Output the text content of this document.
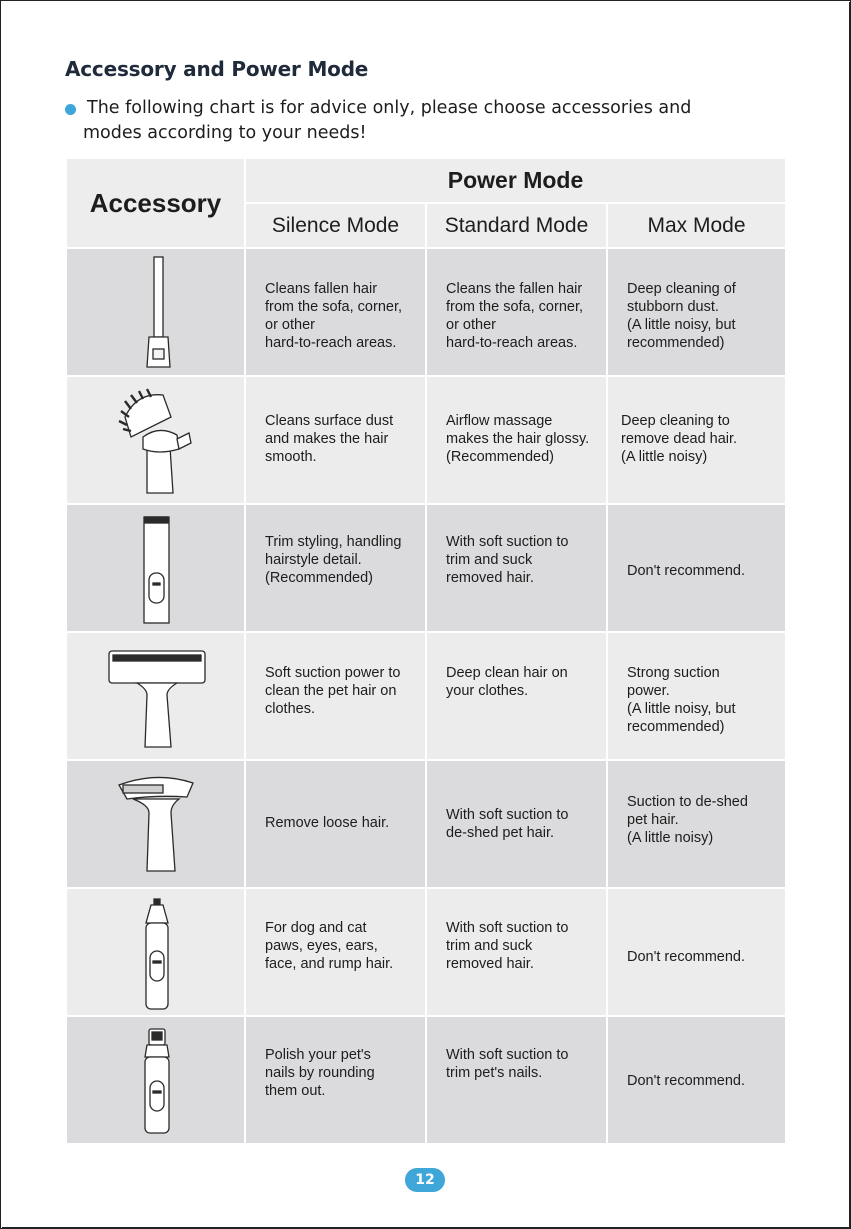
Accessory and Power Mode
The following chart is for advice only, please choose accessories and
modes according to your needs!
Accessory	Power Mode		
	Silence Mode	Standard Mode	Max Mode

Cleans fallen hair
from the sofa, corner,
or other
hard-to-reach areas.	Cleans the fallen hair
from the sofa, corner,
or other
hard-to-reach areas.	Deep cleaning of
stubborn dust.
(A little noisy, but
recommended)

Cleans surface dust
and makes the hair
smooth.	Airflow massage
makes the hair glossy.
(Recommended)	Deep cleaning to
remove dead hair.
(A little noisy)

Trim styling, handling
hairstyle detail.
(Recommended)	With soft suction to
trim and suck
removed hair.	Don't recommend.

Soft suction power to
clean the pet hair on
clothes.	Deep clean hair on
your clothes.	Strong suction
power.
(A little noisy, but
recommended)

Remove loose hair.	With soft suction to
de-shed pet hair.	Suction to de-shed
pet hair.
(A little noisy)

For dog and cat
paws, eyes, ears,
face, and rump hair.	With soft suction to
trim and suck
removed hair.	Don't recommend.

Polish your pet's
nails by rounding
them out.	With soft suction to
trim pet's nails.	Don't recommend.
12
